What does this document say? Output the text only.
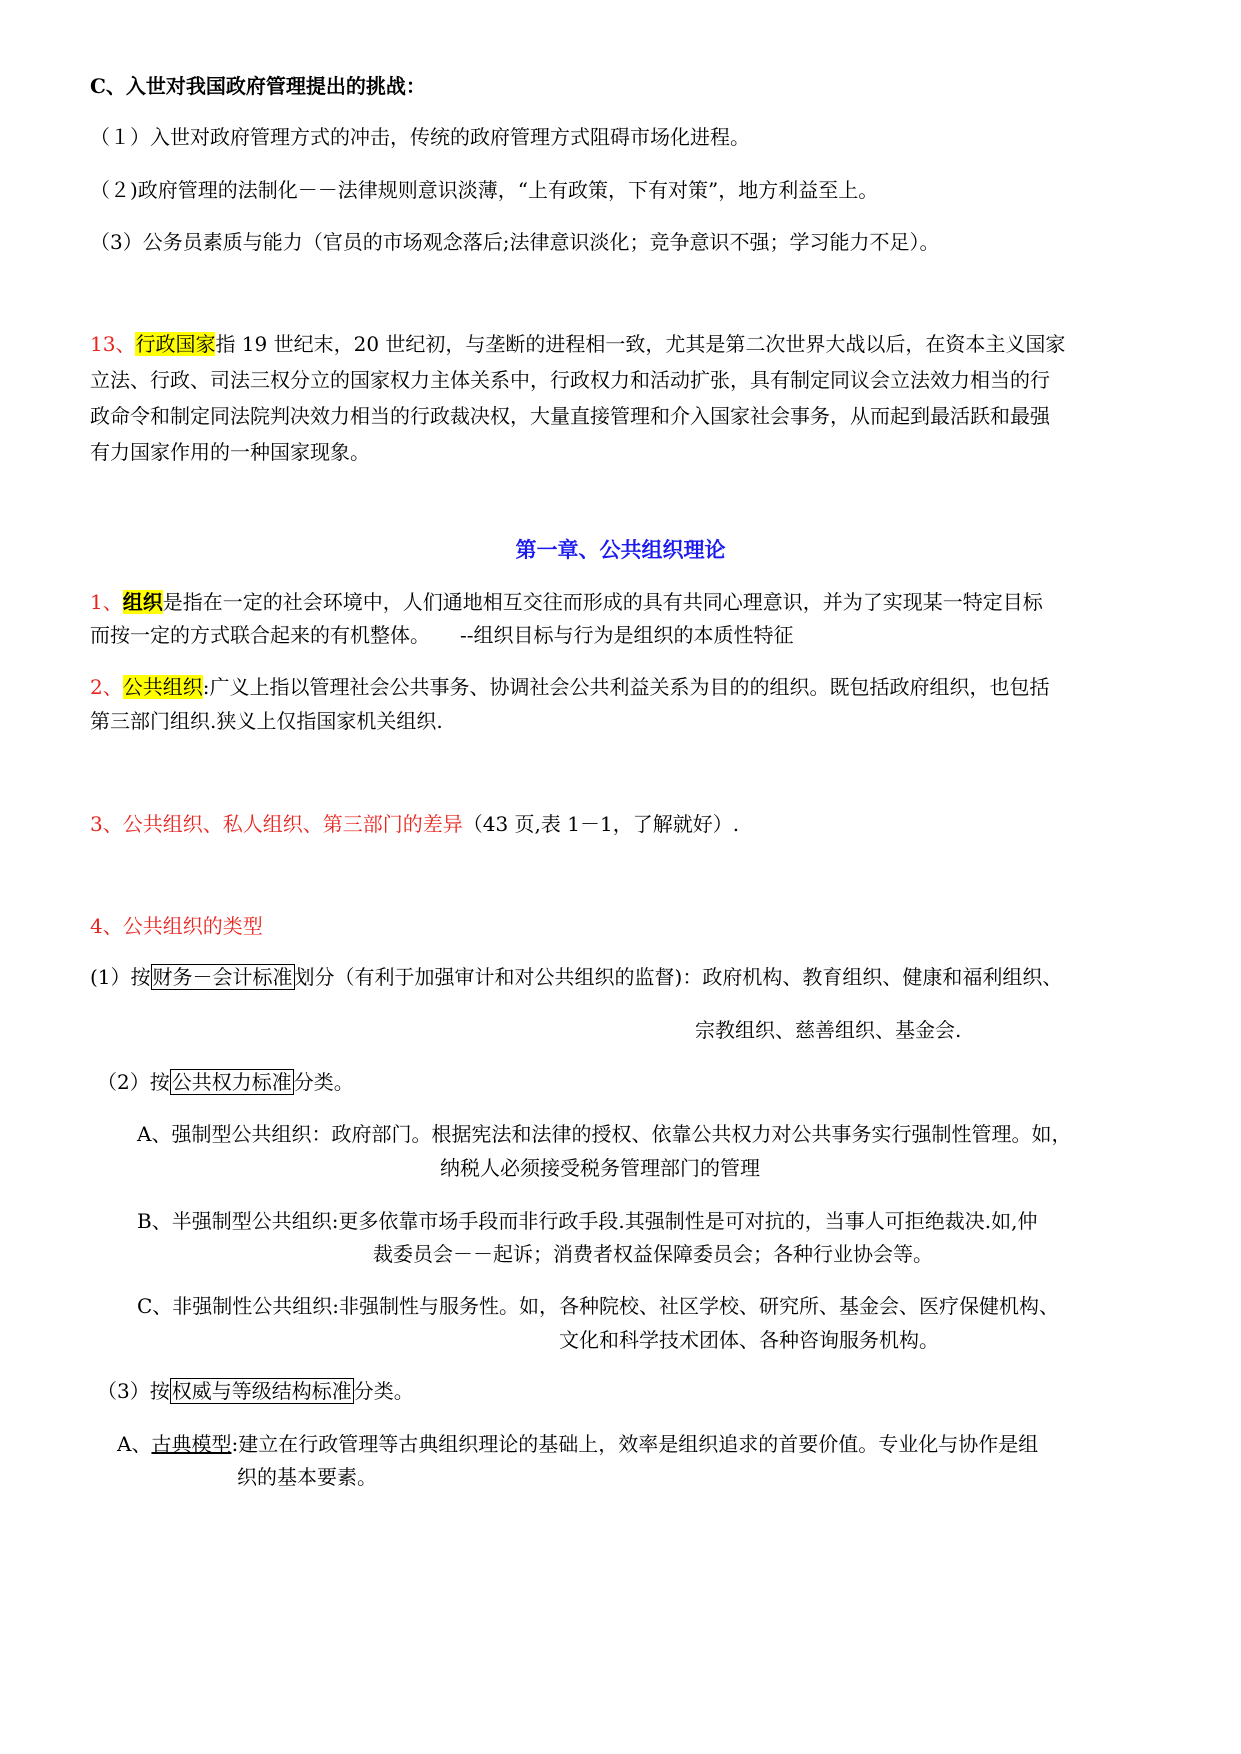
C、入世对我国政府管理提出的挑战：
（１）入世对政府管理方式的冲击，传统的政府管理方式阻碍市场化进程。
（２)政府管理的法制化－－法律规则意识淡薄，“上有政策，下有对策”，地方利益至上。
（3）公务员素质与能力（官员的市场观念落后;法律意识淡化；竞争意识不强；学习能力不足）。
13、行政国家指 19 世纪末，20 世纪初，与垄断的进程相一致，尤其是第二次世界大战以后，在资本主义国家
立法、行政、司法三权分立的国家权力主体关系中，行政权力和活动扩张，具有制定同议会立法效力相当的行
政命令和制定同法院判决效力相当的行政裁决权，大量直接管理和介入国家社会事务，从而起到最活跃和最强
有力国家作用的一种国家现象。
第一章、公共组织理论
1、组织是指在一定的社会环境中，人们通地相互交往而形成的具有共同心理意识，并为了实现某一特定目标
而按一定的方式联合起来的有机整体。　　--组织目标与行为是组织的本质性特征
2、公共组织:广义上指以管理社会公共事务、协调社会公共利益关系为目的的组织。既包括政府组织，也包括
第三部门组织.狭义上仅指国家机关组织.
3、公共组织、私人组织、第三部门的差异（43 页,表 1－1，了解就好）.
4、公共组织的类型
(1）按 财务－会计标准 划分（有利于加强审计和对公共组织的监督)：政府机构、教育组织、健康和福利组织、
宗教组织、慈善组织、基金会.
（2）按 公共权力标准 分类。
A、强制型公共组织：政府部门。根据宪法和法律的授权、依靠公共权力对公共事务实行强制性管理。如，
纳税人必须接受税务管理部门的管理
B、半强制型公共组织:更多依靠市场手段而非行政手段.其强制性是可对抗的，当事人可拒绝裁决.如,仲
裁委员会－－起诉；消费者权益保障委员会；各种行业协会等。
C、非强制性公共组织:非强制性与服务性。如，各种院校、社区学校、研究所、基金会、医疗保健机构、
文化和科学技术团体、各种咨询服务机构。
（3）按 权威与等级结构标准 分类。
A、古典模型:建立在行政管理等古典组织理论的基础上，效率是组织追求的首要价值。专业化与协作是组
织的基本要素。
